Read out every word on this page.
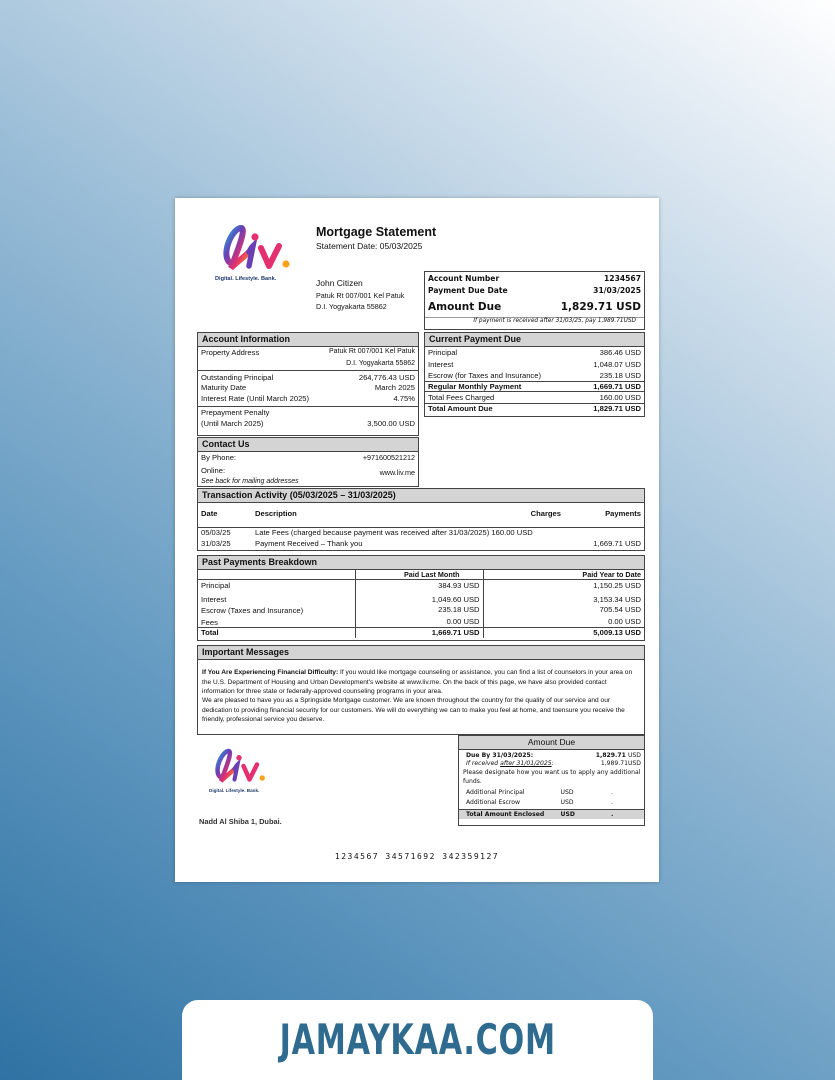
Digital. Lifestyle. Bank.
Mortgage Statement
Statement Date: 05/03/2025
John Citizen
Patuk Rt 007/001 Kel Patuk
D.I. Yogyakarta 55862
Account Number	1234567
Payment Due Date	31/03/2025
Amount Due	1,829.71 USD
If payment is received after 31/03/25, pay 1,989.71USD
Account Information
Property Address	Patuk Rt 007/001 Kel Patuk
D.I. Yogyakarta 55862
Outstanding Principal	264,776.43 USD
Maturity Date	March 2025
Interest Rate (Until March 2025)	4.75%
Prepayment Penalty
(Until March 2025)	3,500.00 USD
Contact Us
By Phone:	+971600521212
Online:	www.liv.me
See back for mailing addresses
Current Payment Due
Principal	386.46 USD
Interest	1,048.07 USD
Escrow (for Taxes and Insurance)	235.18 USD
Regular Monthly Payment	1,669.71 USD
Total Fees Charged	160.00 USD
Total Amount Due	1,829.71 USD
Transaction Activity (05/03/2025 – 31/03/2025)
Date	Description	Charges	Payments
05/03/25	Late Fees (charged because payment was received after 31/03/2025) 160.00 USD		
31/03/25	Payment Received – Thank you		1,669.71 USD
Past Payments Breakdown
	Paid Last Month	Paid Year to Date
Principal	384.93 USD	1,150.25 USD
Interest	1,049.60 USD	3,153.34 USD
Escrow (Taxes and Insurance)	235.18 USD	705.54 USD
Fees	0.00 USD	0.00 USD
Total	1,669.71 USD	5,009.13 USD
Important Messages
If You Are Experiencing Financial Difficulty: If you would like mortgage counseling or assistance, you can find a list of counselors in your area on the U.S. Department of Housing and Urban Development's website at www.liv.me. On the back of this page, we have also provided contact information for three state or federally-approved counseling programs in your area.
We are pleased to have you as a Springside Mortgage customer. We are known throughout the country for the quality of our service and our dedication to providing financial security for our customers. We will do everything we can to make you feel at home, and toensure you receive the friendly, professional service you deserve.
Digital. Lifestyle. Bank.
Nadd Al Shiba 1, Dubai.
Amount Due
Due By 31/03/2025:	1,829.71 USD
If received after 31/01/2025:	1,989.71USD
Please designate how you want us to apply any additional funds.
Additional Principal	USD	.
Additional Escrow	USD	.
Total Amount Enclosed	USD	.
1234567 34571692 342359127
JAMAYKAA.COM
